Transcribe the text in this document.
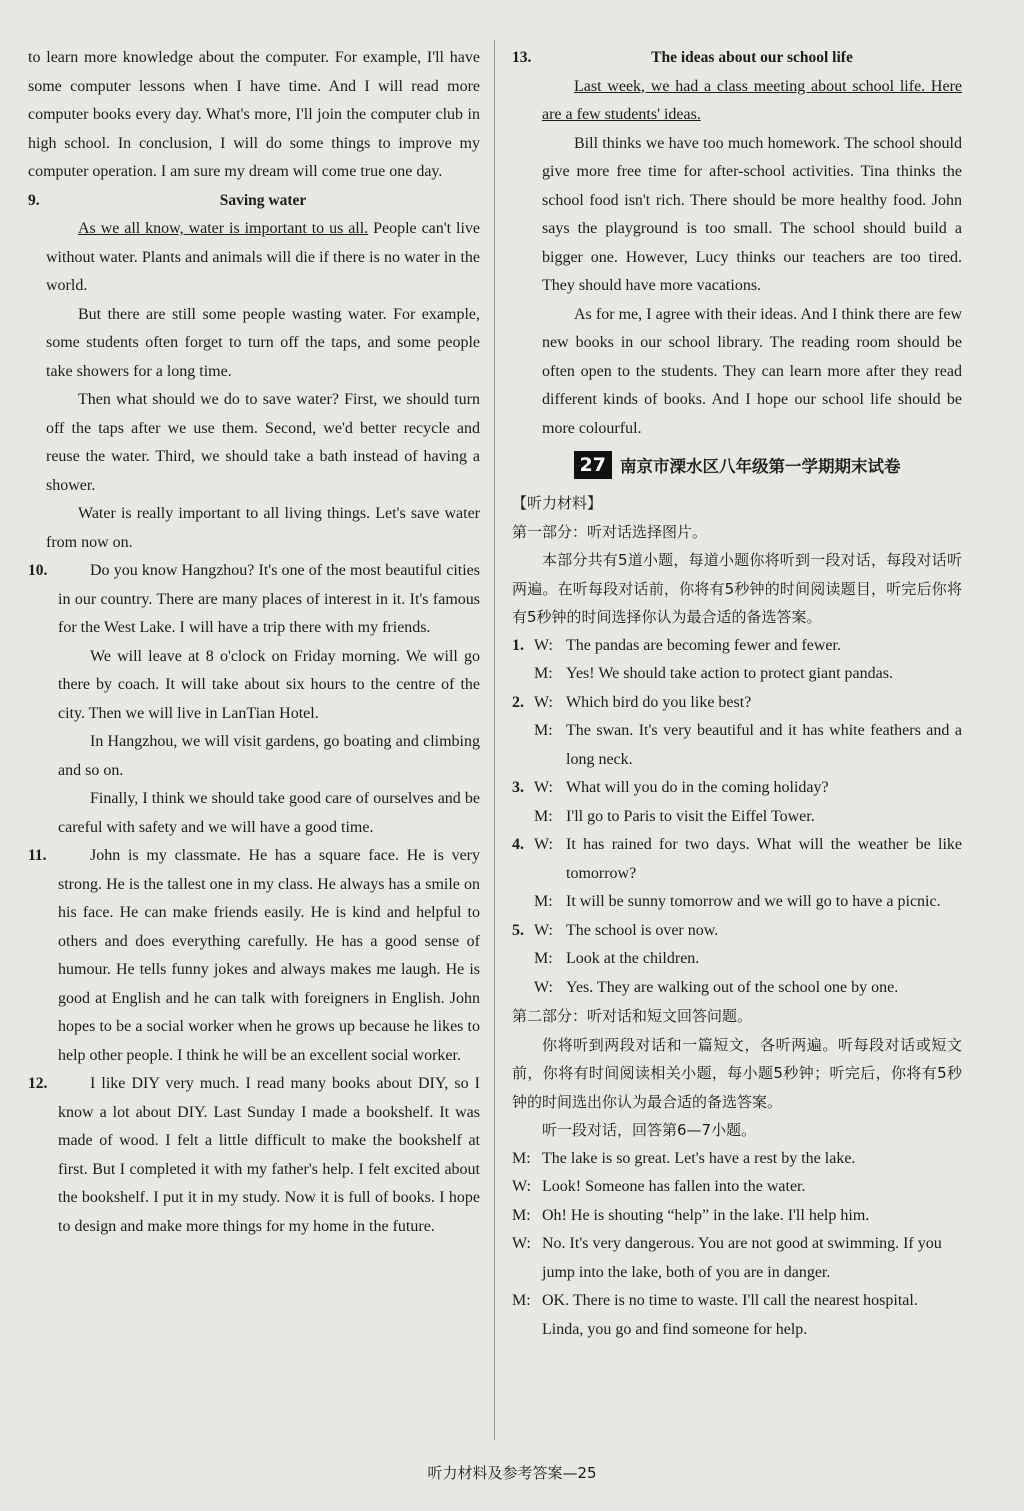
to learn more knowledge about the computer. For example, I'll have some computer lessons when I have time. And I will read more computer books every day. What's more, I'll join the computer club in high school. In conclusion, I will do some things to improve my computer operation. I am sure my dream will come true one day.

9.	Saving water

As we all know, water is important to us all. People can't live without water. Plants and animals will die if there is no water in the world.

But there are still some people wasting water. For example, some students often forget to turn off the taps, and some people take showers for a long time.

Then what should we do to save water? First, we should turn off the taps after we use them. Second, we'd better recycle and reuse the water. Third, we should take a bath instead of having a shower.

Water is really important to all living things. Let's save water from now on.

10.	Do you know Hangzhou? It's one of the most beautiful cities in our country. There are many places of interest in it. It's famous for the West Lake. I will have a trip there with my friends.

We will leave at 8 o'clock on Friday morning. We will go there by coach. It will take about six hours to the centre of the city. Then we will live in LanTian Hotel.

In Hangzhou, we will visit gardens, go boating and climbing and so on.

Finally, I think we should take good care of ourselves and be careful with safety and we will have a good time.

11.	John is my classmate. He has a square face. He is very strong. He is the tallest one in my class. He always has a smile on his face. He can make friends easily. He is kind and helpful to others and does everything carefully. He has a good sense of humour. He tells funny jokes and always makes me laugh. He is good at English and he can talk with foreigners in English. John hopes to be a social worker when he grows up because he likes to help other people. I think he will be an excellent social worker.

12.	I like DIY very much. I read many books about DIY, so I know a lot about DIY. Last Sunday I made a bookshelf. It was made of wood. I felt a little difficult to make the bookshelf at first. But I completed it with my father's help. I felt excited about the bookshelf. I put it in my study. Now it is full of books. I hope to design and make more things for my home in the future.

13.	The ideas about our school life

Last week, we had a class meeting about school life. Here are a few students' ideas.

Bill thinks we have too much homework. The school should give more free time for after-school activities. Tina thinks the school food isn't rich. There should be more healthy food. John says the playground is too small. The school should build a bigger one. However, Lucy thinks our teachers are too tired. They should have more vacations.

As for me, I agree with their ideas. And I think there are few new books in our school library. The reading room should be often open to the students. They can learn more after they read different kinds of books. And I hope our school life should be more colourful.

27 南京市溧水区八年级第一学期期末试卷
【听力材料】
第一部分：听对话选择图片。
本部分共有5道小题，每道小题你将听到一段对话，每段对话听两遍。在听每段对话前，你将有5秒钟的时间阅读题目，听完后你将有5秒钟的时间选择你认为最合适的备选答案。
1. W: The pandas are becoming fewer and fewer.
M: Yes! We should take action to protect giant pandas.
2. W: Which bird do you like best?
M: The swan. It's very beautiful and it has white feathers and a long neck.
3. W: What will you do in the coming holiday?
M: I'll go to Paris to visit the Eiffel Tower.
4. W: It has rained for two days. What will the weather be like tomorrow?
M: It will be sunny tomorrow and we will go to have a picnic.
5. W: The school is over now.
M: Look at the children.
W: Yes. They are walking out of the school one by one.
第二部分：听对话和短文回答问题。
你将听到两段对话和一篇短文，各听两遍。听每段对话或短文前，你将有时间阅读相关小题，每小题5秒钟；听完后，你将有5秒钟的时间选出你认为最合适的备选答案。
听一段对话，回答第6—7小题。
M: The lake is so great. Let's have a rest by the lake.
W: Look! Someone has fallen into the water.
M: Oh! He is shouting “help” in the lake. I'll help him.
W: No. It's very dangerous. You are not good at swimming. If you jump into the lake, both of you are in danger.
M: OK. There is no time to waste. I'll call the nearest hospital. Linda, you go and find someone for help.
听力材料及参考答案—25
